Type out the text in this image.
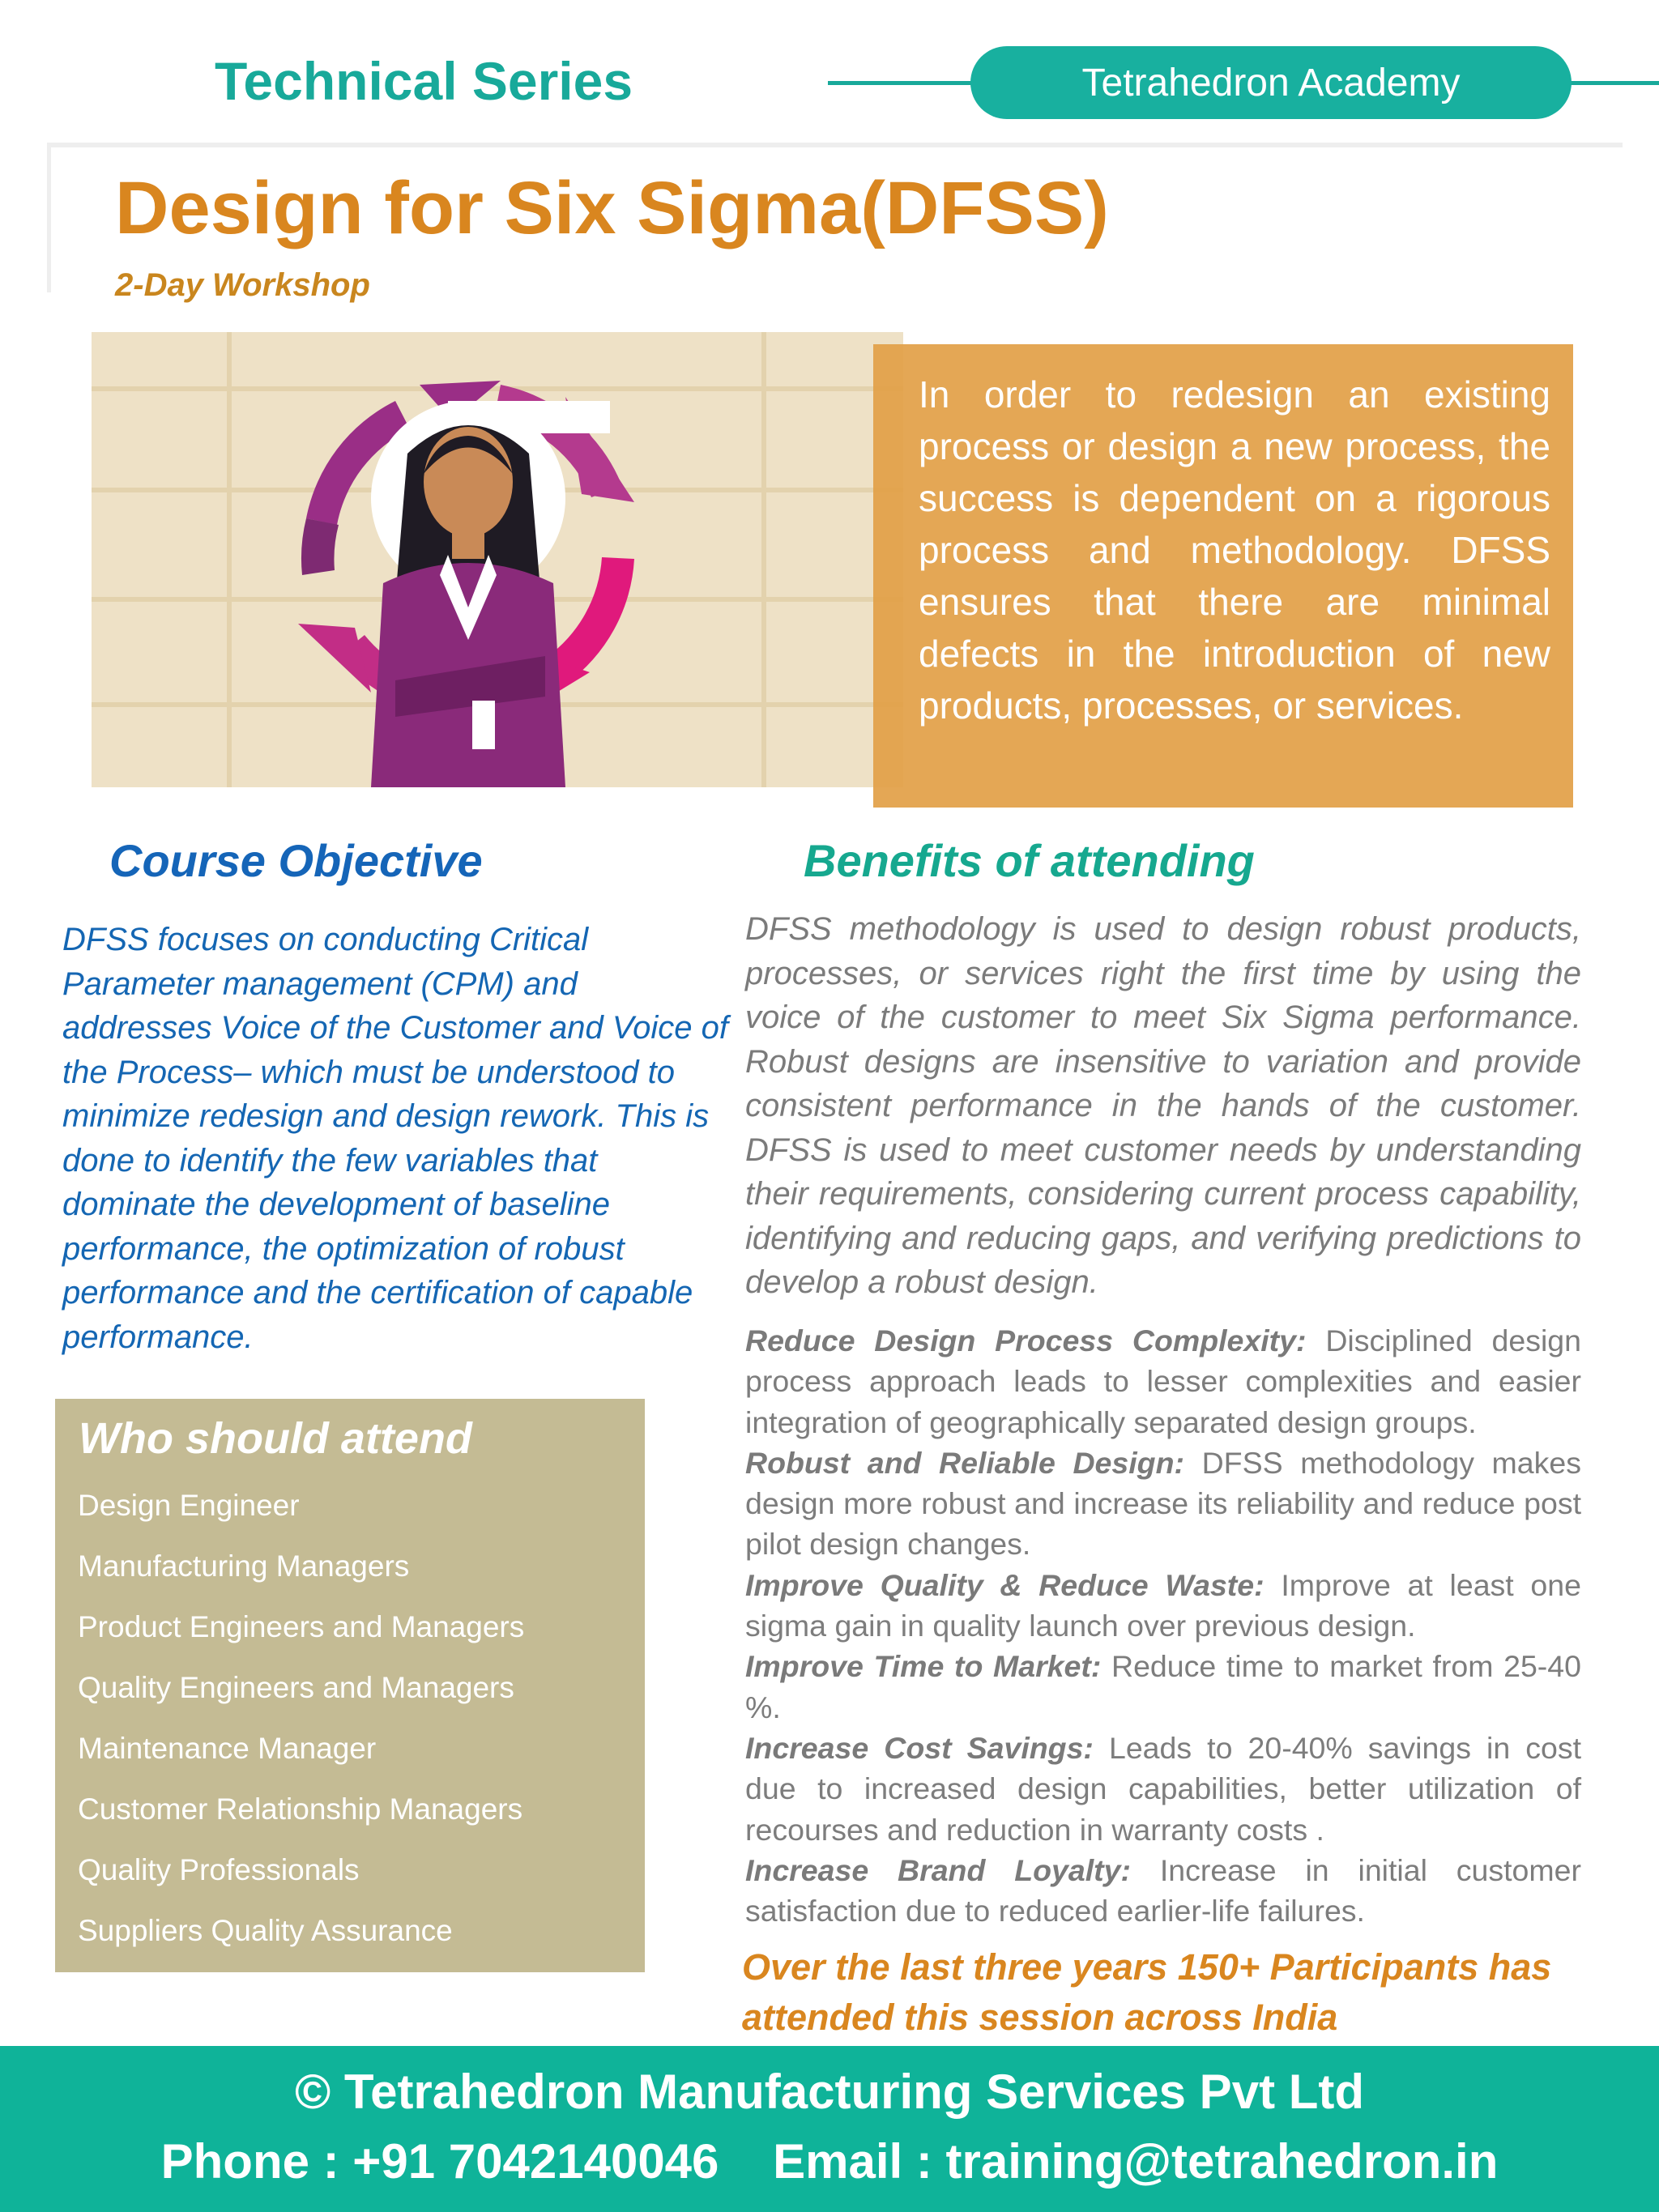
Technical Series	Tetrahedron Academy
Design for Six Sigma(DFSS)
2-Day Workshop

In order to redesign an existing process or design a new process, the success is dependent on a rigorous process and methodology. DFSS ensures that there are minimal defects in the introduction of new products, processes, or services.

Course Objective

DFSS focuses on conducting Critical Parameter management (CPM) and addresses Voice of the Customer and Voice of the Process– which must be understood to minimize redesign and design rework. This is done to identify the few variables that dominate the development of baseline performance, the optimization of robust performance and the certification of capable performance.

Who should attend
Design Engineer
Manufacturing Managers
Product Engineers and Managers
Quality Engineers and Managers
Maintenance Manager
Customer Relationship Managers
Quality Professionals
Suppliers Quality Assurance
Benefits of attending

DFSS methodology is used to design robust products, processes, or services right the first time by using the voice of the customer to meet Six Sigma performance. Robust designs are insensitive to variation and provide consistent performance in the hands of the customer. DFSS is used to meet customer needs by understanding their requirements, considering current process capability, identifying and reducing gaps, and verifying predictions to develop a robust design.

Reduce Design Process Complexity: Disciplined design process approach leads to lesser complexities and easier integration of geographically separated design groups.

Robust and Reliable Design: DFSS methodology makes design more robust and increase its reliability and reduce post pilot design changes.

Improve Quality & Reduce Waste: Improve at least one sigma gain in quality launch over previous design.

Improve Time to Market: Reduce time to market from 25-40 %.

Increase Cost Savings: Leads to 20-40% savings in cost due to increased design capabilities, better utilization of recourses and reduction in warranty costs .

Increase Brand Loyalty: Increase in initial customer satisfaction due to reduced earlier-life failures.

Over the last three years 150+ Participants has attended this session across India

© Tetrahedron Manufacturing Services Pvt Ltd
Phone : +91 7042140046    Email : training@tetrahedron.in
